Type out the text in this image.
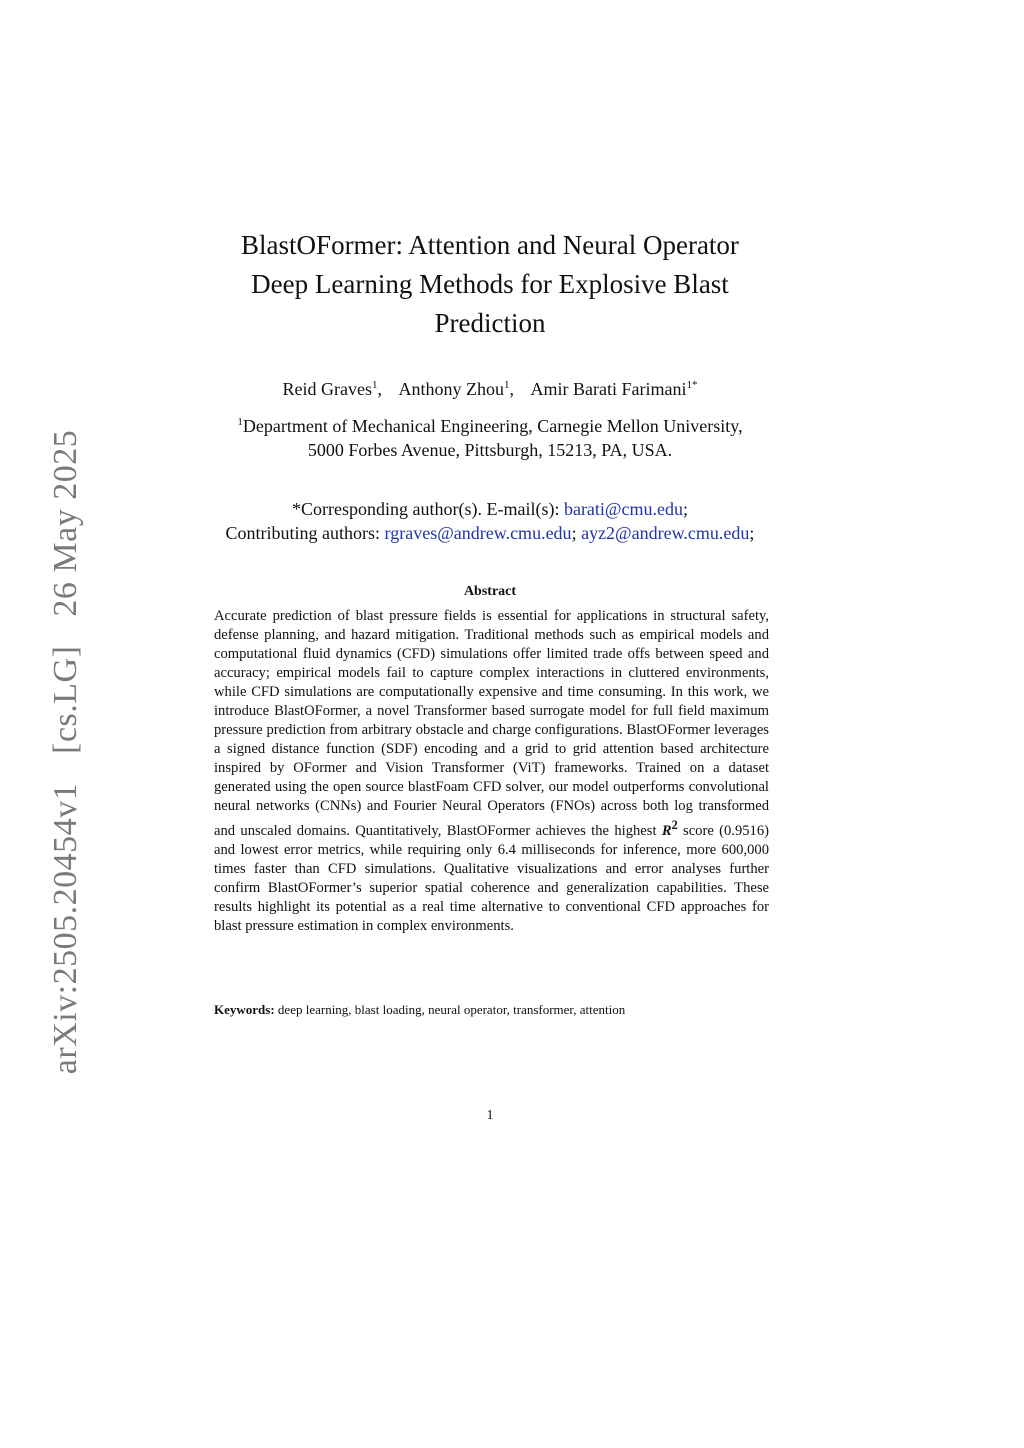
arXiv:2505.20454v1 [cs.LG] 26 May 2025
BlastOFormer: Attention and Neural Operator
Deep Learning Methods for Explosive Blast
Prediction
Reid Graves$^1$, Anthony Zhou$^1$, Amir Barati Farimani$^{1*}$
$^1$Department of Mechanical Engineering, Carnegie Mellon University,
5000 Forbes Avenue, Pittsburgh, 15213, PA, USA.
*Corresponding author(s). E-mail(s): barati@cmu.edu;
Contributing authors: rgraves@andrew.cmu.edu; ayz2@andrew.cmu.edu;
Abstract
Accurate prediction of blast pressure fields is essential for applications in structural safety, defense planning, and hazard mitigation. Traditional methods such as empirical models and computational fluid dynamics (CFD) simulations offer limited trade offs between speed and accuracy; empirical models fail to capture complex interactions in cluttered environments, while CFD simulations are computationally expensive and time consuming. In this work, we introduce BlastOFormer, a novel Transformer based surrogate model for full field maximum pressure prediction from arbitrary obstacle and charge configurations. BlastOFormer leverages a signed distance function (SDF) encoding and a grid to grid attention based architecture inspired by OFormer and Vision Transformer (ViT) frameworks. Trained on a dataset generated using the open source blastFoam CFD solver, our model outperforms convolutional neural networks (CNNs) and Fourier Neural Operators (FNOs) across both log transformed and unscaled domains. Quantitatively, BlastOFormer achieves the highest $R^2$ score (0.9516) and lowest error metrics, while requiring only 6.4 milliseconds for inference, more 600,000 times faster than CFD simulations. Qualitative visualizations and error analyses further confirm BlastOFormer’s superior spatial coherence and generalization capabilities. These results highlight its potential as a real time alternative to conventional CFD approaches for blast pressure estimation in complex environments.
Keywords: deep learning, blast loading, neural operator, transformer, attention
1
